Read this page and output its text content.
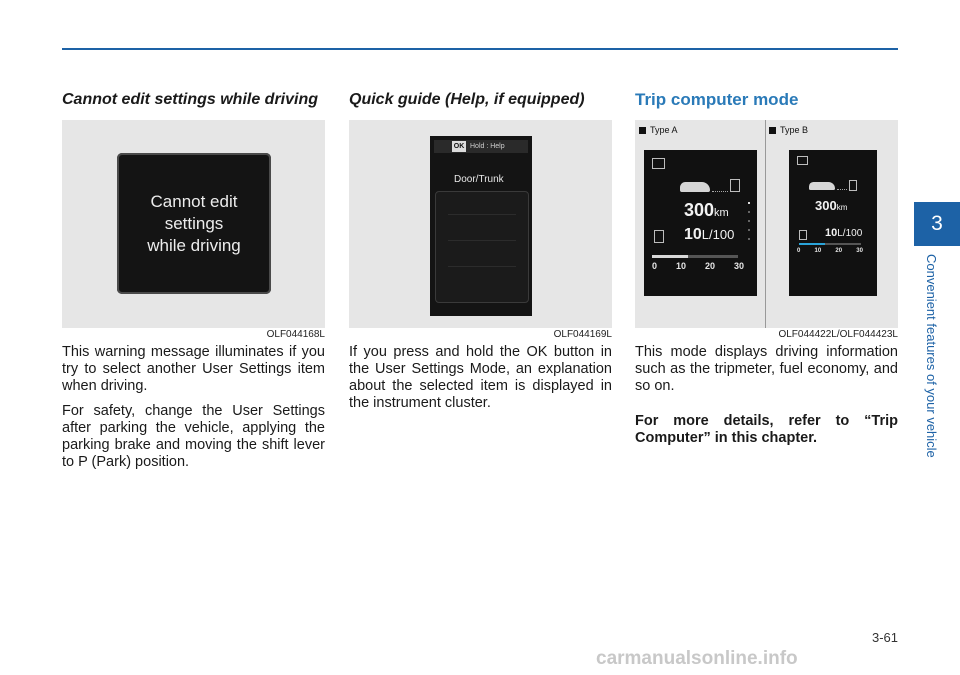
Cannot edit settings while driving
Cannot edit
settings
while driving
OLF044168L

This warning message illuminates if you try to select another User Settings item when driving.

For safety, change the User Settings after parking the vehicle, applying the parking brake and moving the shift lever to P (Park) position.

Quick guide (Help, if equipped)
OK Hold : Help
Door/Trunk
OLF044169L

If you press and hold the OK button in the User Settings Mode, an explanation about the selected item is displayed in the instrument cluster.

Trip computer mode
Type A	Type B
300km
10L/100
0 10 20 30
300km
10L/100
0 10 20 30
OLF044422L/OLF044423L

This mode displays driving information such as the tripmeter, fuel economy, and so on.

For more details, refer to “Trip Computer” in this chapter.

3
Convenient features of your vehicle
3-61
carmanualsonline.info
